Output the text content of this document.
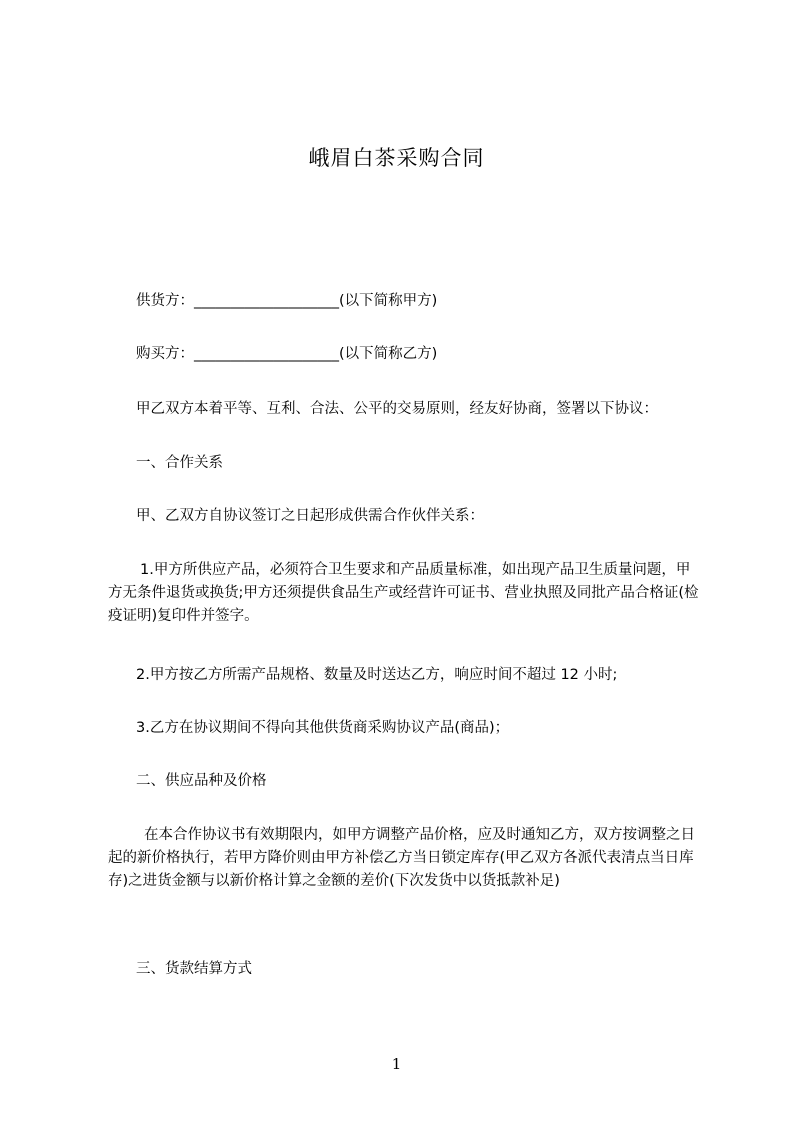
峨眉白茶采购合同
供货方：____________________(以下简称甲方)
购买方：____________________(以下简称乙方)
甲乙双方本着平等、互利、合法、公平的交易原则，经友好协商，签署以下协议：
一、合作关系
甲、乙双方自协议签订之日起形成供需合作伙伴关系：

1.甲方所供应产品，必须符合卫生要求和产品质量标准，如出现产品卫生质量问题，甲方无条件退货或换货;甲方还须提供食品生产或经营许可证书、营业执照及同批产品合格证(检疫证明)复印件并签字。

2.甲方按乙方所需产品规格、数量及时送达乙方，响应时间不超过 12 小时;
3.乙方在协议期间不得向其他供货商采购协议产品(商品)；
二、供应品种及价格

在本合作协议书有效期限内，如甲方调整产品价格，应及时通知乙方，双方按调整之日起的新价格执行，若甲方降价则由甲方补偿乙方当日锁定库存(甲乙双方各派代表清点当日库存)之进货金额与以新价格计算之金额的差价(下次发货中以货抵款补足)

三、货款结算方式
1
